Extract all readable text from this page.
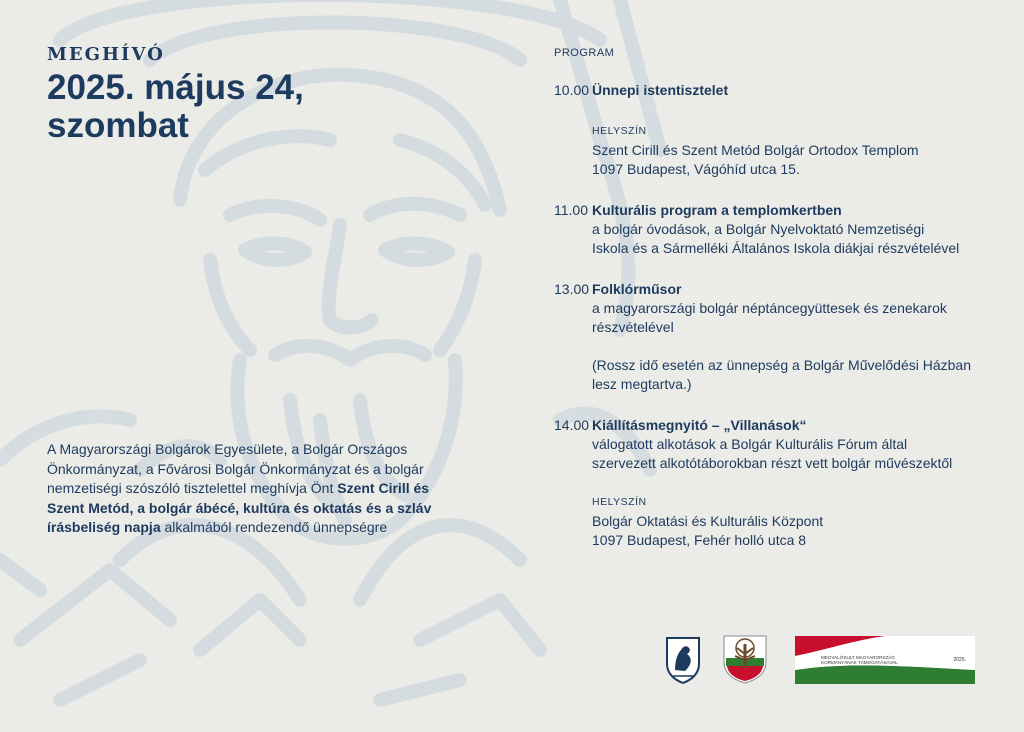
MEGHÍVÓ
2025. május 24,
szombat
A Magyarországi Bolgárok Egyesülete, a Bolgár Országos Önkormányzat, a Fővárosi Bolgár Önkormányzat és a bolgár nemzetiségi szószóló tisztelettel meghívja Önt Szent Cirill és Szent Metód, a bolgár ábécé, kultúra és oktatás és a szláv írásbeliség napja alkalmából rendezendő ünnepségre
PROGRAM
10.00 Ünnepi istentisztelet
HELYSZÍN
Szent Cirill és Szent Metód Bolgár Ortodox Templom
1097 Budapest, Vágóhíd utca 15.
11.00 Kulturális program a templomkertben
a bolgár óvodások, a Bolgár Nyelvoktató Nemzetiségi
Iskola és a Sármelléki Általános Iskola diákjai részvételével
13.00 Folklórműsor
a magyarországi bolgár néptáncegyüttesek és zenekarok
részvételével
(Rossz idő esetén az ünnepség a Bolgár Művelődési Házban
lesz megtartva.)
14.00 Kiállításmegnyitó – „Villanások“
válogatott alkotások a Bolgár Kulturális Fórum által
szervezett alkotótáborokban részt vett bolgár művészektől
HELYSZÍN
Bolgár Oktatási és Kulturális Központ
1097 Budapest, Fehér holló utca 8
MEGVALÓSULT MAGYARORSZÁG KORMÁNYÁNAK TÁMOGATÁSÁVAL	2025.
